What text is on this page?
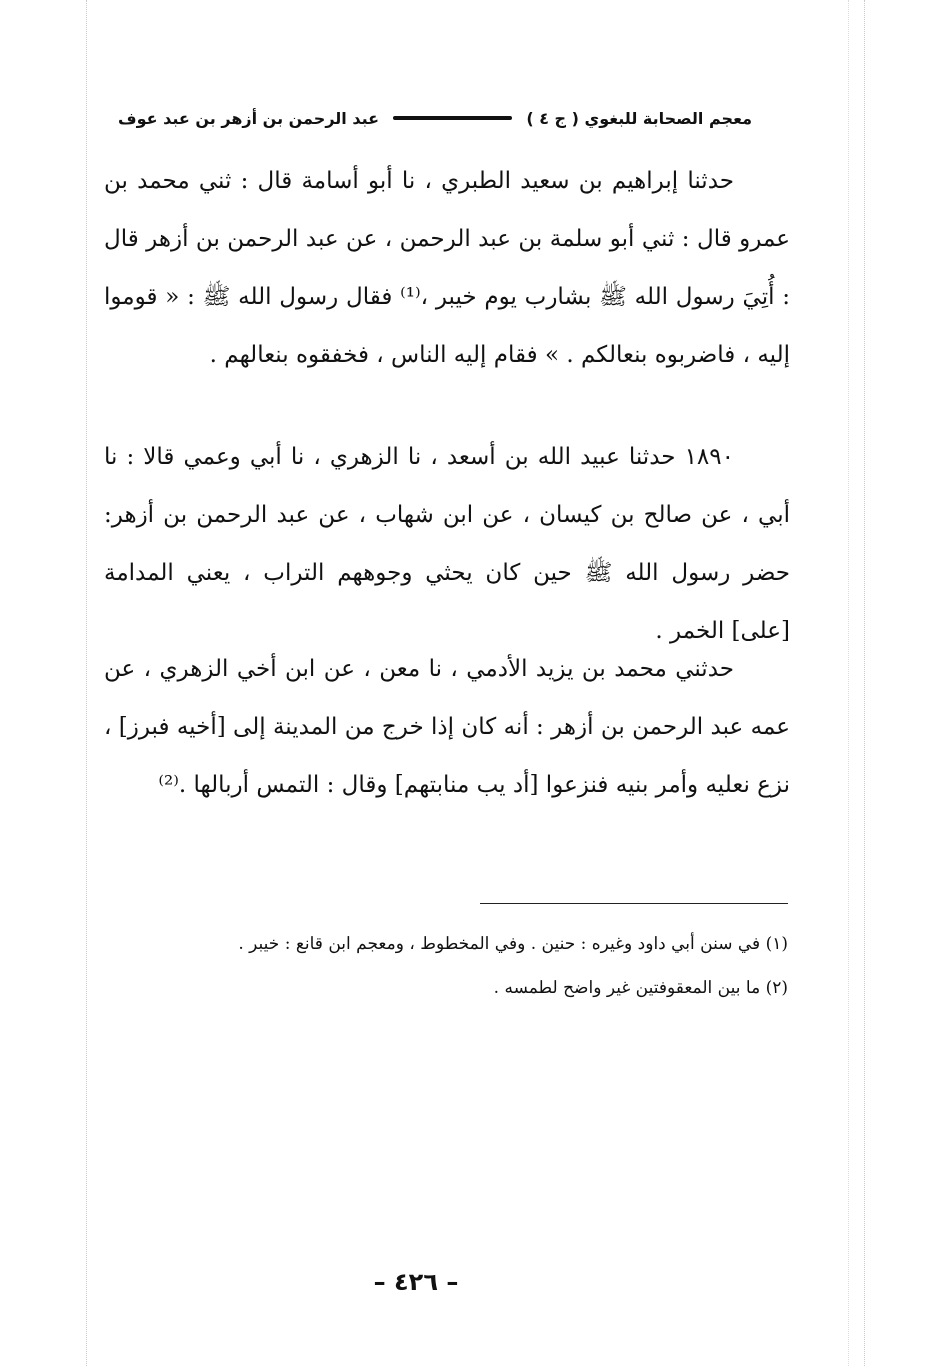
معجم الصحابة للبغوي ( ج ٤ )
عبد الرحمن بن أزهر بن عبد عوف

حدثنا إبراهيم بن سعيد الطبري ، نا أبو أسامة قال : ثني محمد بن عمرو قال : ثني أبو سلمة بن عبد الرحمن ، عن عبد الرحمن بن أزهر قال : أُتِيَ رسول الله ﷺ بشارب يوم خيبر ،⁽¹⁾ فقال رسول الله ﷺ : « قوموا إليه ، فاضربوه بنعالكم . » فقام إليه الناس ، فخفقوه بنعالهم .

١٨٩٠ حدثنا عبيد الله بن أسعد ، نا الزهري ، نا أبي وعمي قالا : نا أبي ، عن صالح بن كيسان ، عن ابن شهاب ، عن عبد الرحمن بن أزهر: حضر رسول الله ﷺ حين كان يحثي وجوههم التراب ، يعني المدامة [على] الخمر .

حدثني محمد بن يزيد الأدمي ، نا معن ، عن ابن أخي الزهري ، عن عمه عبد الرحمن بن أزهر : أنه كان إذا خرج من المدينة إلى [أخيه فبرز] ، نزع نعليه وأمر بنيه فنزعوا [أد يب منابتهم] وقال : التمس أربالها .⁽²⁾

(١) في سنن أبي داود وغيره : حنين . وفي المخطوط ، ومعجم ابن قانع : خيبر .
(٢) ما بين المعقوفتين غير واضح لطمسه .
– ٤٢٦ –
